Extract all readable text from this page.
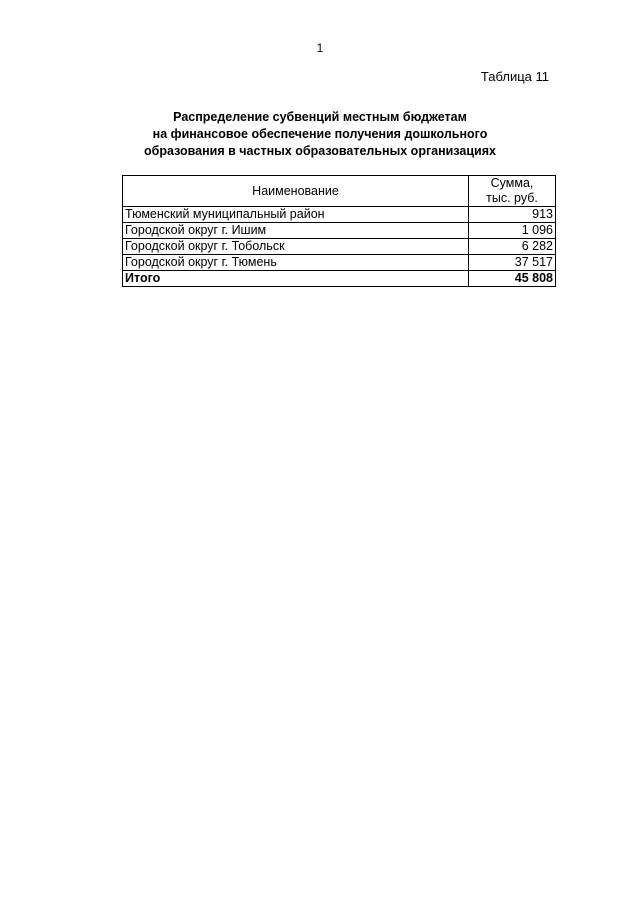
1
Таблица 11
Распределение субвенций местным бюджетам
на финансовое обеспечение получения дошкольного
образования в частных образовательных организациях
Наименование	Сумма,
тыс. руб.

Тюменский муниципальный район	913
Городской округ г. Ишим	1 096
Городской округ г. Тобольск	6 282
Городской округ г. Тюмень	37 517
Итого	45 808
